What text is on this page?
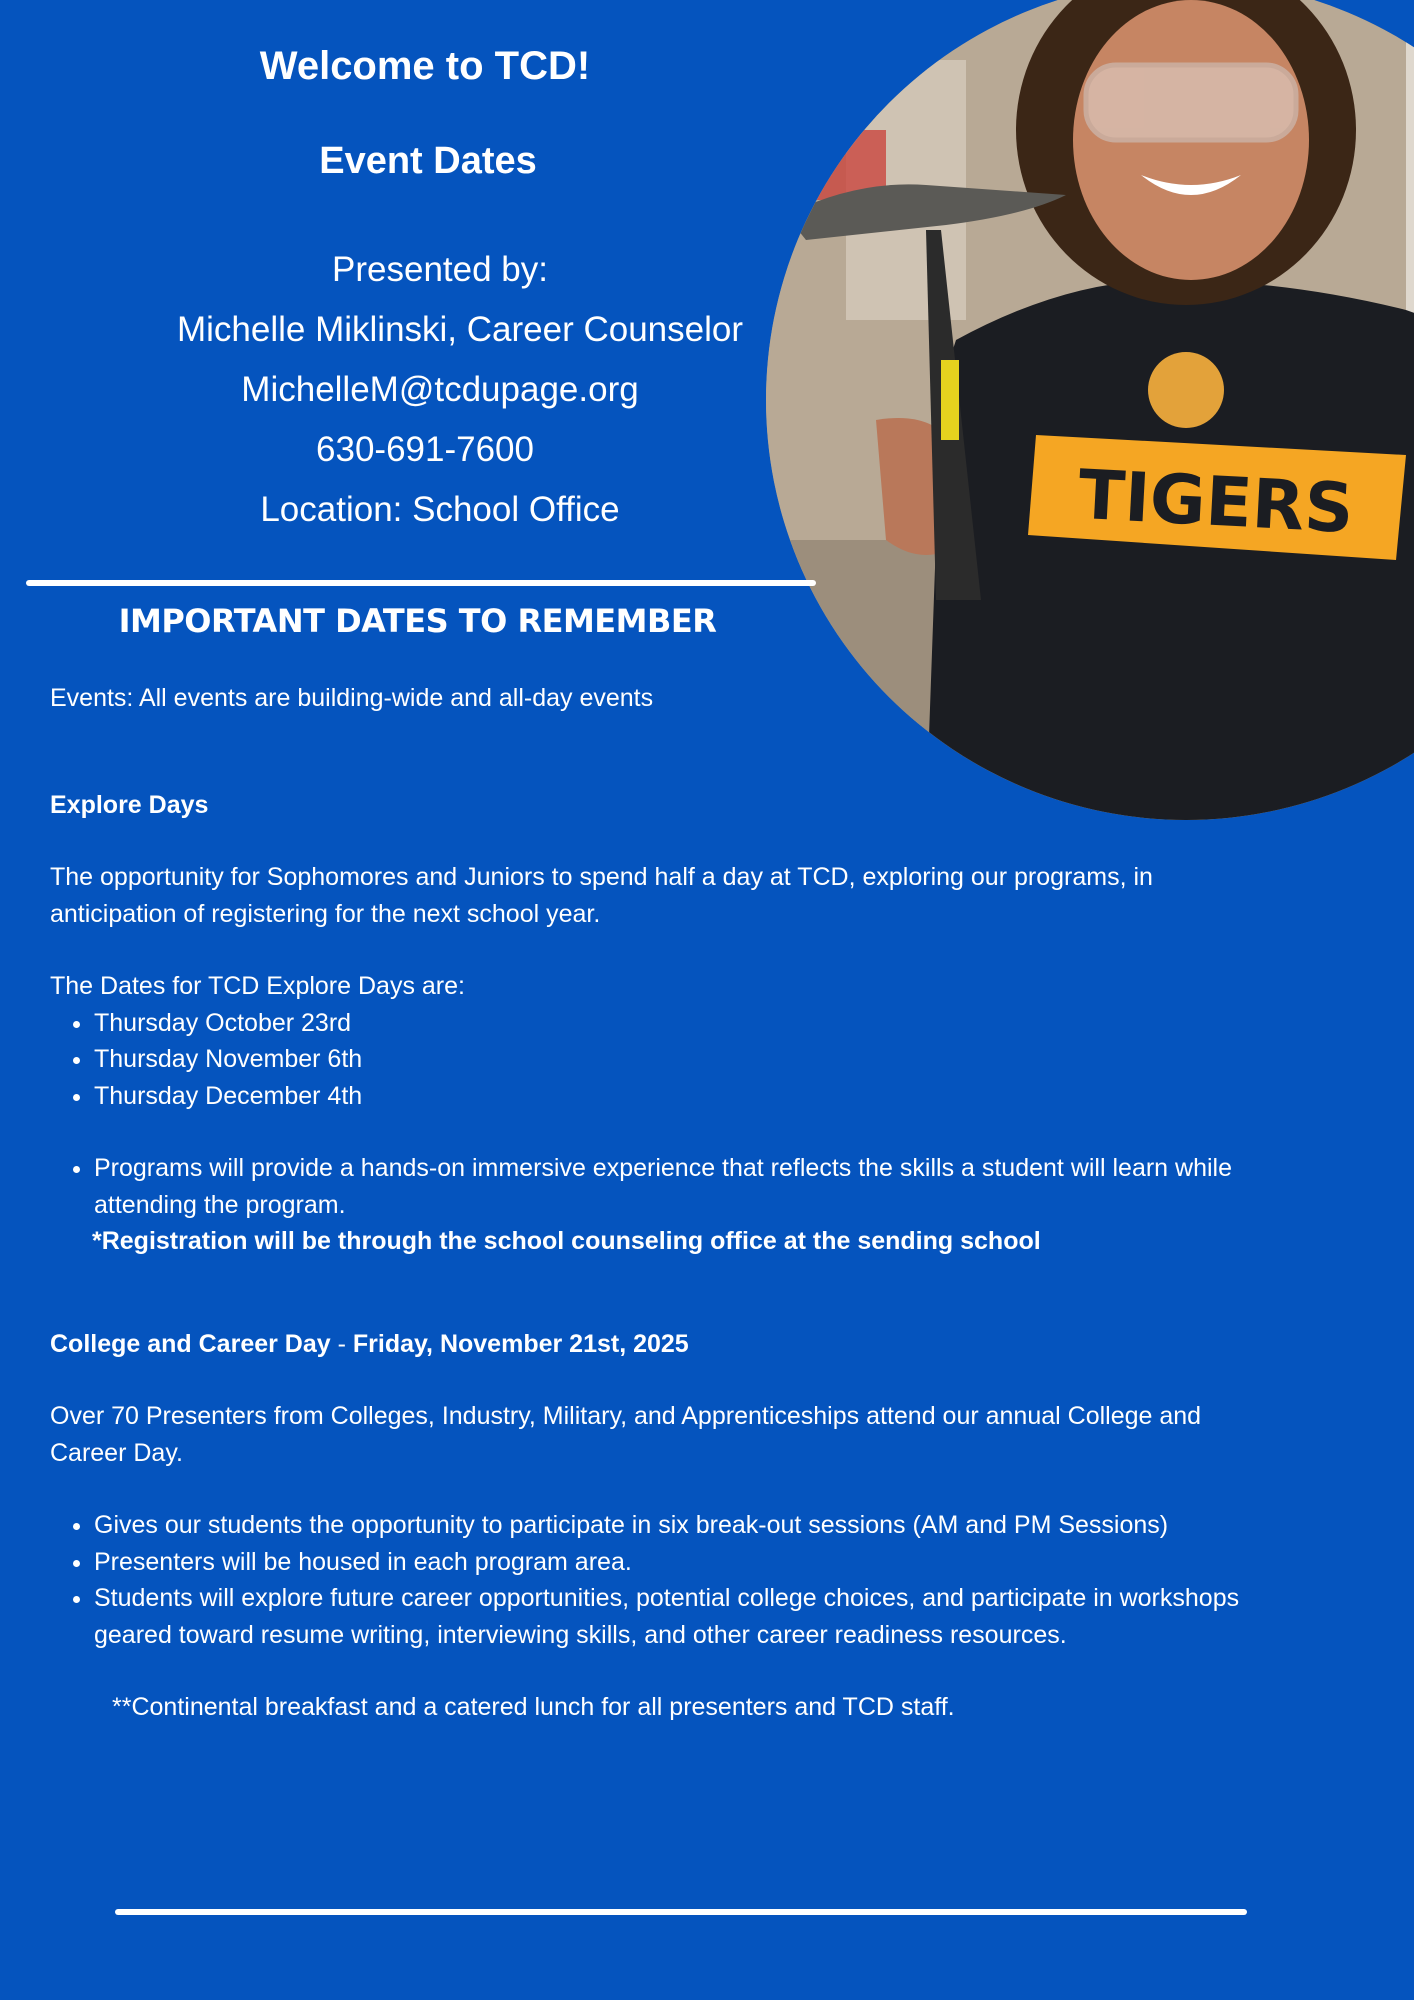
Welcome to TCD!
Event Dates
Presented by:
Michelle Miklinski, Career Counselor
MichelleM@tcdupage.org
630-691-7600
Location: School Office	TIGERS
IMPORTANT DATES TO REMEMBER

Events: All events are building-wide and all-day events

Explore Days

The opportunity for Sophomores and Juniors to spend half a day at TCD, exploring our programs, in anticipation of registering for the next school year.

The Dates for TCD Explore Days are:

• Thursday October 23rd
• Thursday November 6th
• Thursday December 4th
• Programs will provide a hands-on immersive experience that reflects the skills a student will learn while attending the program.

*Registration will be through the school counseling office at the sending school

College and Career Day - Friday, November 21st, 2025

Over 70 Presenters from Colleges, Industry, Military, and Apprenticeships attend our annual College and Career Day.

• Gives our students the opportunity to participate in six break-out sessions (AM and PM Sessions)
• Presenters will be housed in each program area.
• Students will explore future career opportunities, potential college choices, and participate in workshops geared toward resume writing, interviewing skills, and other career readiness resources.

**Continental breakfast and a catered lunch for all presenters and TCD staff.
